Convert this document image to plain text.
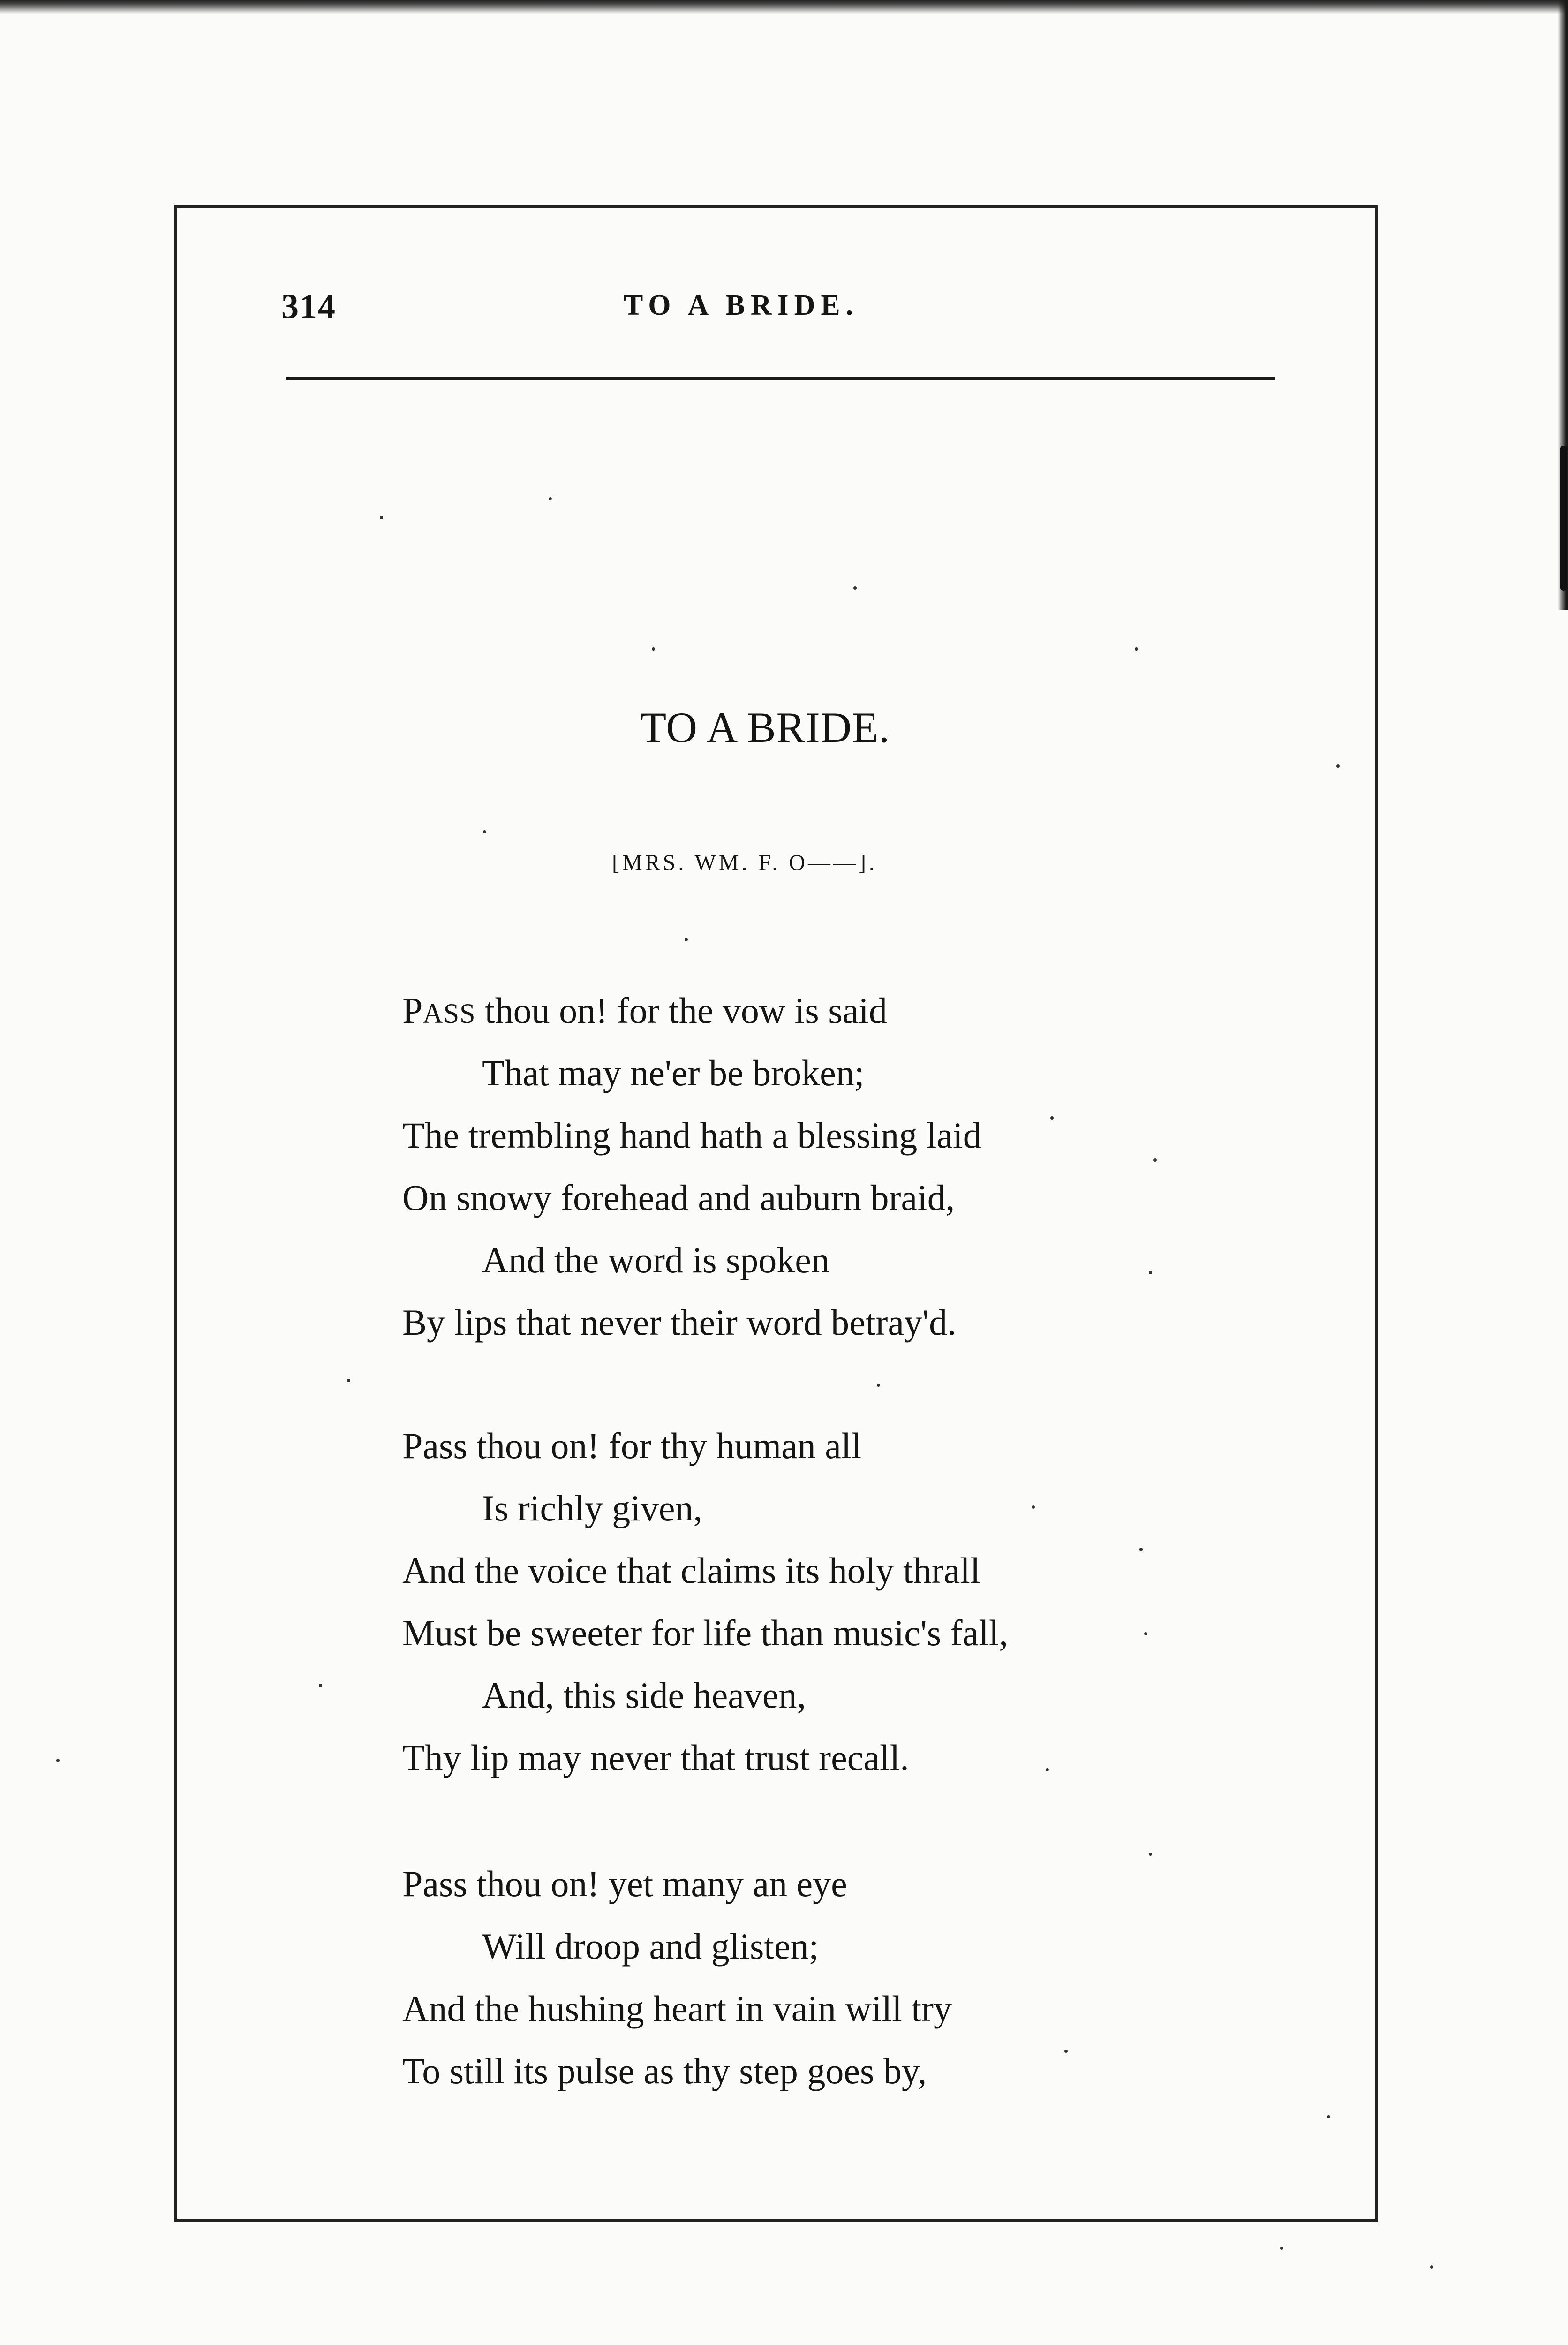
314	TO A BRIDE.
TO A BRIDE.
[MRS. WM. F. O——].
PASS thou on! for the vow is said
That may ne'er be broken;
The trembling hand hath a blessing laid
On snowy forehead and auburn braid,
And the word is spoken
By lips that never their word betray'd.
Pass thou on! for thy human all
Is richly given,
And the voice that claims its holy thrall
Must be sweeter for life than music's fall,
And, this side heaven,
Thy lip may never that trust recall.
Pass thou on! yet many an eye
Will droop and glisten;
And the hushing heart in vain will try
To still its pulse as thy step goes by,
